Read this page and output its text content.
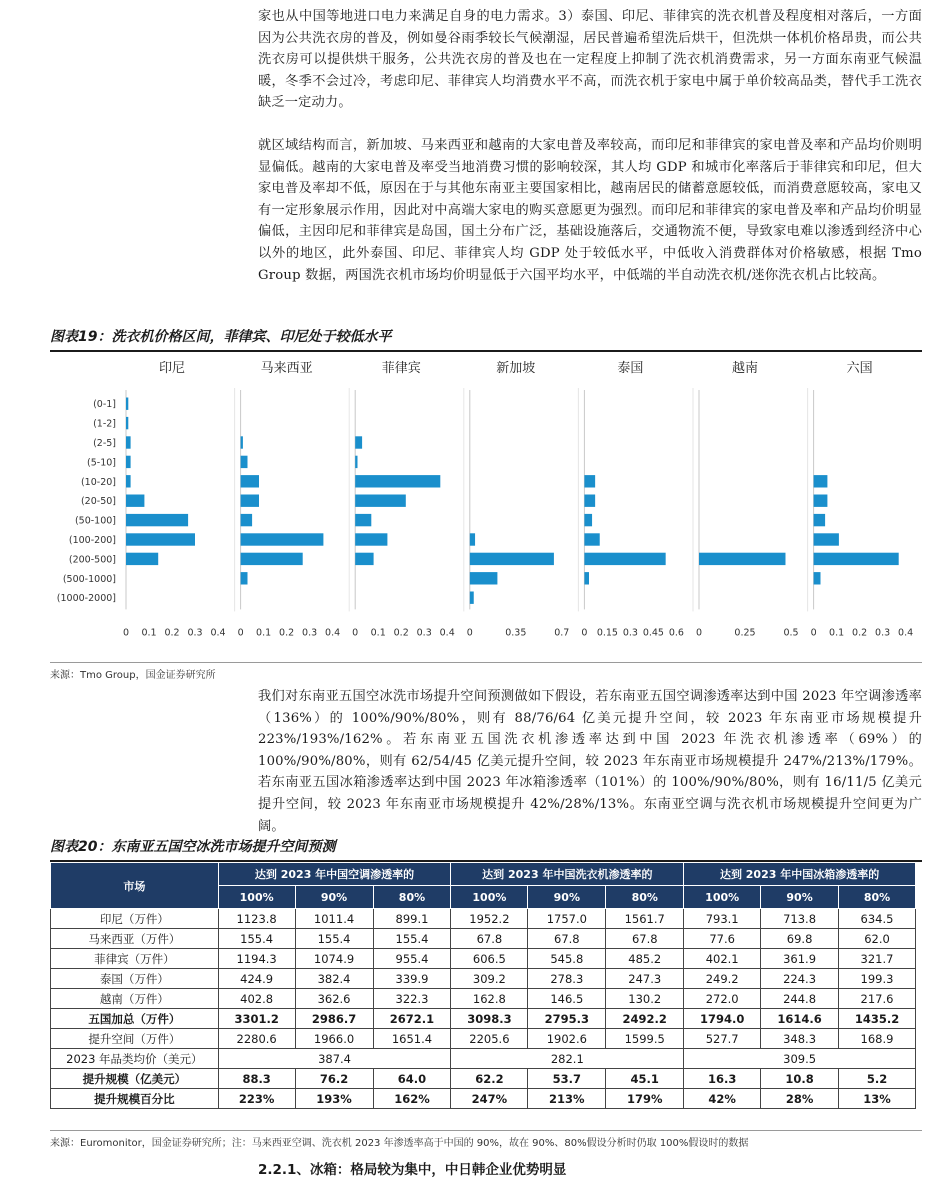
家也从中国等地进口电力来满足自身的电力需求。3）泰国、印尼、菲律宾的洗衣机普及程度相对落后，一方面因为公共洗衣房的普及，例如曼谷雨季较长气候潮湿，居民普遍希望洗后烘干，但洗烘一体机价格昂贵，而公共洗衣房可以提供烘干服务，公共洗衣房的普及也在一定程度上抑制了洗衣机消费需求，另一方面东南亚气候温暖，冬季不会过冷，考虑印尼、菲律宾人均消费水平不高，而洗衣机于家电中属于单价较高品类，替代手工洗衣缺乏一定动力。

就区域结构而言，新加坡、马来西亚和越南的大家电普及率较高，而印尼和菲律宾的家电普及率和产品均价则明显偏低。越南的大家电普及率受当地消费习惯的影响较深，其人均 GDP 和城市化率落后于菲律宾和印尼，但大家电普及率却不低，原因在于与其他东南亚主要国家相比，越南居民的储蓄意愿较低，而消费意愿较高，家电又有一定形象展示作用，因此对中高端大家电的购买意愿更为强烈。而印尼和菲律宾的家电普及率和产品均价明显偏低，主因印尼和菲律宾是岛国，国土分布广泛，基础设施落后，交通物流不便，导致家电难以渗透到经济中心以外的地区，此外泰国、印尼、菲律宾人均 GDP 处于较低水平，中低收入消费群体对价格敏感，根据 Tmo Group 数据，两国洗衣机市场均价明显低于六国平均水平，中低端的半自动洗衣机/迷你洗衣机占比较高。

图表19：洗衣机价格区间，菲律宾、印尼处于较低水平

(0-1]
(1-2]
(2-5]
(5-10]
(10-20]
(20-50]
(50-100]
(100-200]
(200-500]
(500-1000]
(1000-2000]
印尼
0 0.1 0.2 0.3 0.4
马来西亚
0 0.1 0.2 0.3 0.4
菲律宾
0 0.1 0.2 0.3 0.4
新加坡
0	0.35	0.7
泰国
0 0.15 0.3 0.45 0.6
越南
0	0.25	0.5
六国
0 0.1 0.2 0.3 0.4

来源：Tmo Group，国金证券研究所

我们对东南亚五国空冰洗市场提升空间预测做如下假设，若东南亚五国空调渗透率达到中国 2023 年空调渗透率（136%）的 100%/90%/80%，则有 88/76/64 亿美元提升空间，较 2023 年东南亚市场规模提升 223%/193%/162%。若东南亚五国洗衣机渗透率达到中国 2023 年洗衣机渗透率（69%）的 100%/90%/80%，则有 62/54/45 亿美元提升空间，较 2023 年东南亚市场规模提升 247%/213%/179%。若东南亚五国冰箱渗透率达到中国 2023 年冰箱渗透率（101%）的 100%/90%/80%，则有 16/11/5 亿美元提升空间，较 2023 年东南亚市场规模提升 42%/28%/13%。东南亚空调与洗衣机市场规模提升空间更为广阔。

图表20：东南亚五国空冰洗市场提升空间预测

市场	达到 2023 年中国空调渗透率的			达到 2023 年中国洗衣机渗透率的			达到 2023 年中国冰箱渗透率的		
	100%	90%	80%	100%	90%	80%	100%	90%	80%
印尼（万件）	1123.8	1011.4	899.1	1952.2	1757.0	1561.7	793.1	713.8	634.5
马来西亚（万件）	155.4	155.4	155.4	67.8	67.8	67.8	77.6	69.8	62.0
菲律宾（万件）	1194.3	1074.9	955.4	606.5	545.8	485.2	402.1	361.9	321.7
泰国（万件）	424.9	382.4	339.9	309.2	278.3	247.3	249.2	224.3	199.3
越南（万件）	402.8	362.6	322.3	162.8	146.5	130.2	272.0	244.8	217.6
五国加总（万件）	3301.2	2986.7	2672.1	3098.3	2795.3	2492.2	1794.0	1614.6	1435.2
提升空间（万件）	2280.6	1966.0	1651.4	2205.6	1902.6	1599.5	527.7	348.3	168.9
2023 年品类均价（美元）	387.4			282.1			309.5		
提升规模（亿美元）	88.3	76.2	64.0	62.2	53.7	45.1	16.3	10.8	5.2
提升规模百分比	223%	193%	162%	247%	213%	179%	42%	28%	13%

来源：Euromonitor，国金证券研究所；注：马来西亚空调、洗衣机 2023 年渗透率高于中国的 90%，故在 90%、80%假设分析时仍取 100%假设时的数据

2.2.1、冰箱：格局较为集中，中日韩企业优势明显
